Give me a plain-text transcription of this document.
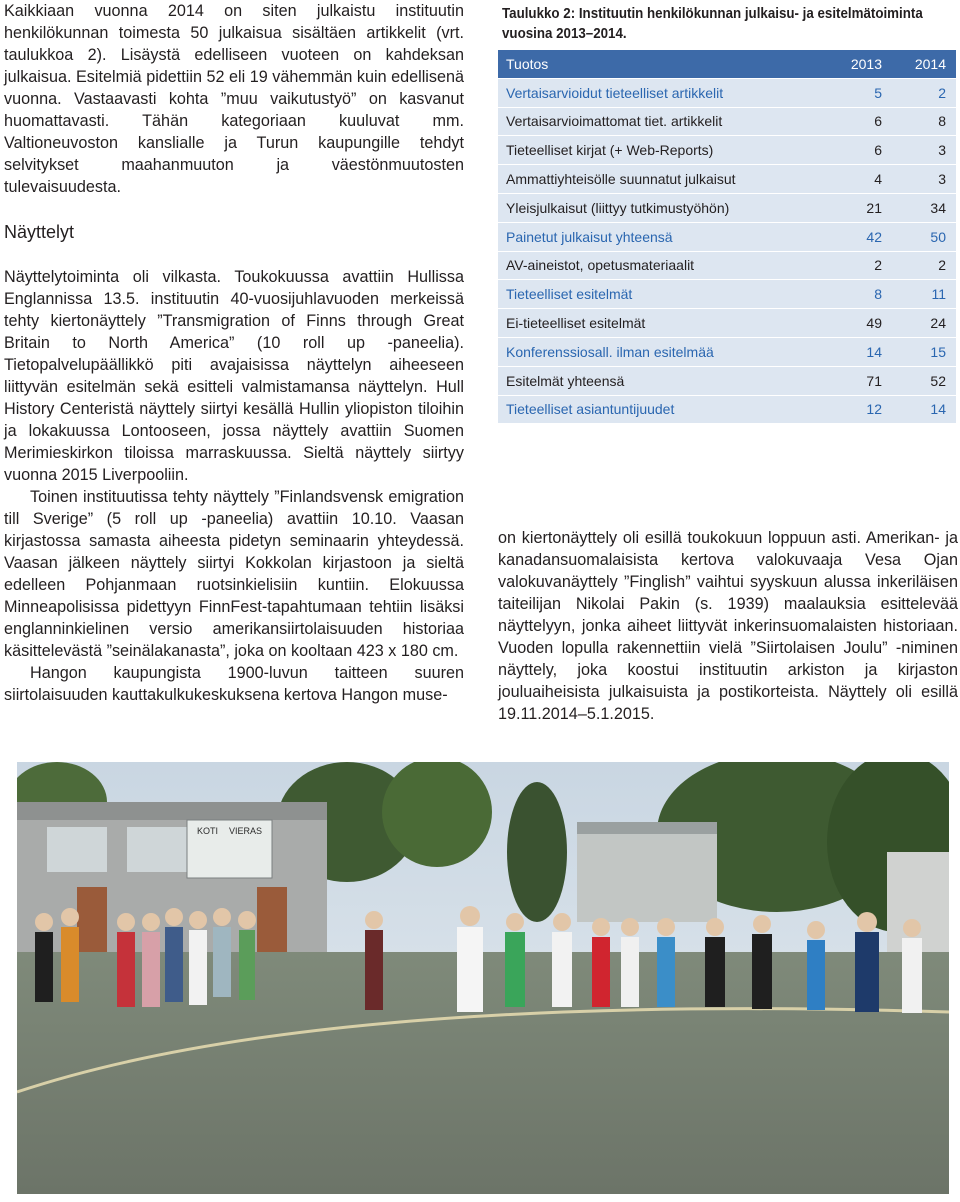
Kaikkiaan vuonna 2014 on siten julkaistu instituutin henkilökunnan toimesta 50 julkaisua sisältäen artikkelit (vrt. taulukkoa 2). Lisäystä edelliseen vuoteen on kahdeksan julkaisua. Esitelmiä pidettiin 52 eli 19 vähemmän kuin edellisenä vuonna. Vastaavasti kohta ”muu vaikutustyö” on kasvanut huomattavasti. Tähän kategoriaan kuuluvat mm. Valtioneuvoston kanslialle ja Turun kaupungille tehdyt selvitykset maahanmuuton ja väestönmuutosten tulevaisuudesta.

Näyttelyt

Näyttelytoiminta oli vilkasta. Toukokuussa avattiin Hullissa Englannissa 13.5. instituutin 40-vuosijuhlavuoden merkeissä tehty kiertonäyttely ”Transmigration of Finns through Great Britain to North America” (10 roll up -paneelia). Tietopalvelupäällikkö piti avajaisissa näyttelyn aiheeseen liittyvän esitelmän sekä esitteli valmistamansa näyttelyn. Hull History Centeristä näyttely siirtyi kesällä Hullin yliopiston tiloihin ja lokakuussa Lontooseen, jossa näyttely avattiin Suomen Merimieskirkon tiloissa marraskuussa. Sieltä näyttely siirtyy vuonna 2015 Liverpooliin.

Toinen instituutissa tehty näyttely ”Finlandsvensk emigration till Sverige” (5 roll up -paneelia) avattiin 10.10. Vaasan kirjastossa samasta aiheesta pidetyn seminaarin yhteydessä. Vaasan jälkeen näyttely siirtyi Kokkolan kirjastoon ja sieltä edelleen Pohjanmaan ruotsinkielisiin kuntiin. Elokuussa Minneapolisissa pidettyyn FinnFest-tapahtumaan tehtiin lisäksi englanninkielinen versio amerikansiirtolaisuuden historiaa käsittelevästä ”seinälakanasta”, joka on kooltaan 423 x 180 cm.

Hangon kaupungista 1900-luvun taitteen suuren siirtolaisuuden kauttakulkukeskuksena kertova Hangon muse-

Taulukko 2: Instituutin henkilökunnan julkaisu- ja esitelmätoiminta vuosina 2013–2014.
Tuotos	2013	2014
Vertaisarvioidut tieteelliset artikkelit	5	2
Vertaisarvioimattomat tiet. artikkelit	6	8
Tieteelliset kirjat (+ Web-Reports)	6	3
Ammattiyhteisölle suunnatut julkaisut	4	3
Yleisjulkaisut (liittyy tutkimustyöhön)	21	34
Painetut julkaisut yhteensä	42	50
AV-aineistot, opetusmateriaalit	2	2
Tieteelliset esitelmät	8	11
Ei-tieteelliset esitelmät	49	24
Konferenssiosall. ilman esitelmää	14	15
Esitelmät yhteensä	71	52
Tieteelliset asiantuntijuudet	12	14

on kiertonäyttely oli esillä toukokuun loppuun asti. Amerikan- ja kanadansuomalaisista kertova valokuvaaja Vesa Ojan valokuvanäyttely ”Finglish” vaihtui syyskuun alussa inkeriläisen taiteilijan Nikolai Pakin (s. 1939) maalauksia esittelevää näyttelyyn, jonka aiheet liittyvät inkerinsuomalaisten historiaan. Vuoden lopulla rakennettiin vielä ”Siirtolaisen Joulu” -niminen näyttely, joka koostui instituutin arkiston ja kirjaston jouluaiheisista julkaisuista ja postikorteista. Näyttely oli esillä 19.11.2014–5.1.2015.

KOTI VIERAS
